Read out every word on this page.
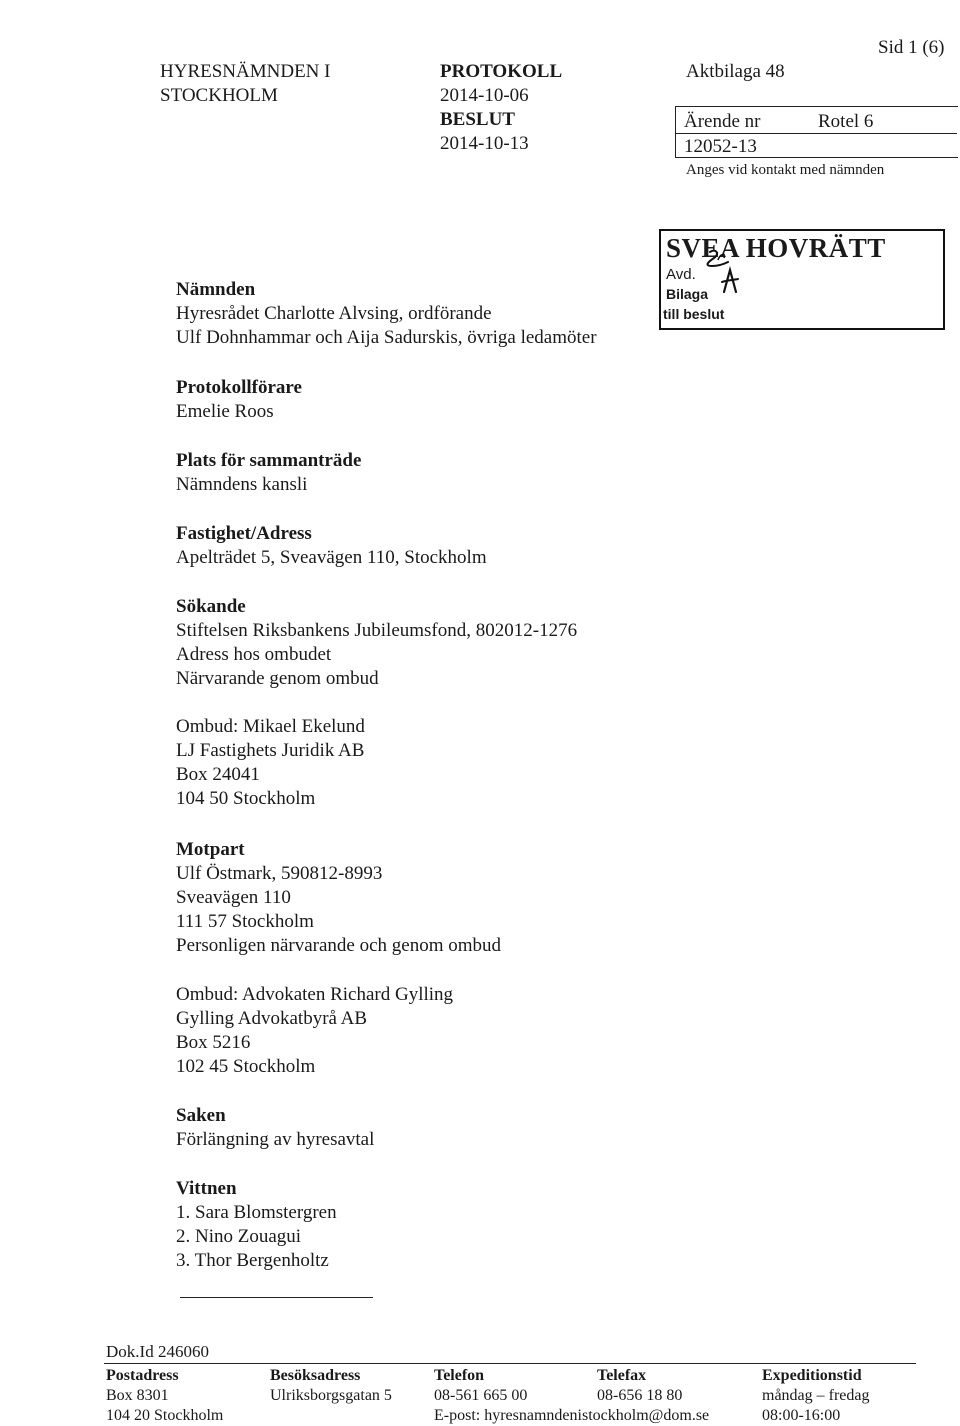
Sid 1 (6)
HYRESNÄMNDEN I
STOCKHOLM
PROTOKOLL
2014-10-06
BESLUT
2014-10-13
Aktbilaga 48
Ärende nr	Rotel 6
12052-13
Anges vid kontakt med nämnden
SVEA HOVRÄTT
Avd.
Bilaga
till beslut
Nämnden
Hyresrådet Charlotte Alvsing, ordförande
Ulf Dohnhammar och Aija Sadurskis, övriga ledamöter
Protokollförare
Emelie Roos
Plats för sammanträde
Nämndens kansli
Fastighet/Adress
Apelträdet 5, Sveavägen 110, Stockholm
Sökande
Stiftelsen Riksbankens Jubileumsfond, 802012-1276
Adress hos ombudet
Närvarande genom ombud
Ombud: Mikael Ekelund
LJ Fastighets Juridik AB
Box 24041
104 50 Stockholm
Motpart
Ulf Östmark, 590812-8993
Sveavägen 110
111 57 Stockholm
Personligen närvarande och genom ombud
Ombud: Advokaten Richard Gylling
Gylling Advokatbyrå AB
Box 5216
102 45 Stockholm
Saken
Förlängning av hyresavtal
Vittnen
1. Sara Blomstergren
2. Nino Zouagui
3. Thor Bergenholtz
Dok.Id 246060
Postadress
Box 8301
104 20 Stockholm
Besöksadress
Ulriksborgsgatan 5
Telefon
08-561 665 00
E-post: hyresnamndenistockholm@dom.se
Telefax
08-656 18 80
Expeditionstid
måndag – fredag
08:00-16:00
